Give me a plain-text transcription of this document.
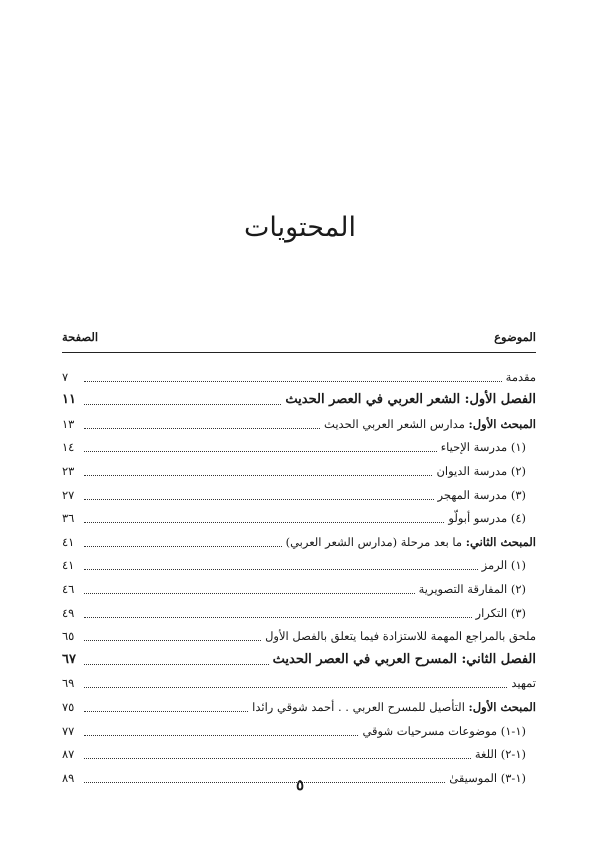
المحتويات
الموضوع
الصفحة
مقدمة
٧
الفصل الأول: الشعر العربي في العصر الحديث
١١
المبحث الأول: مدارس الشعر العربي الحديث
١٣
(١) مدرسة الإحياء
١٤
(٢) مدرسة الديوان
٢٣
(٣) مدرسة المهجر
٢٧
(٤) مدرسو أبولّو
٣٦
المبحث الثاني: ما بعد مرحلة (مدارس الشعر العربي)
٤١
(١) الرمز
٤١
(٢) المفارقة التصويرية
٤٦
(٣) التكرار
٤٩
ملحق بالمراجع المهمة للاستزادة فيما يتعلق بالفصل الأول
٦٥
الفصل الثاني: المسرح العربي في العصر الحديث
٦٧
تمهيد
٦٩
المبحث الأول: التأصيل للمسرح العربي . . أحمد شوقي رائدا
٧٥
(١-١) موضوعات مسرحيات شوقي
٧٧
(١-٢) اللغة
٨٧
(١-٣) الموسيقىٰ
٨٩	٥
